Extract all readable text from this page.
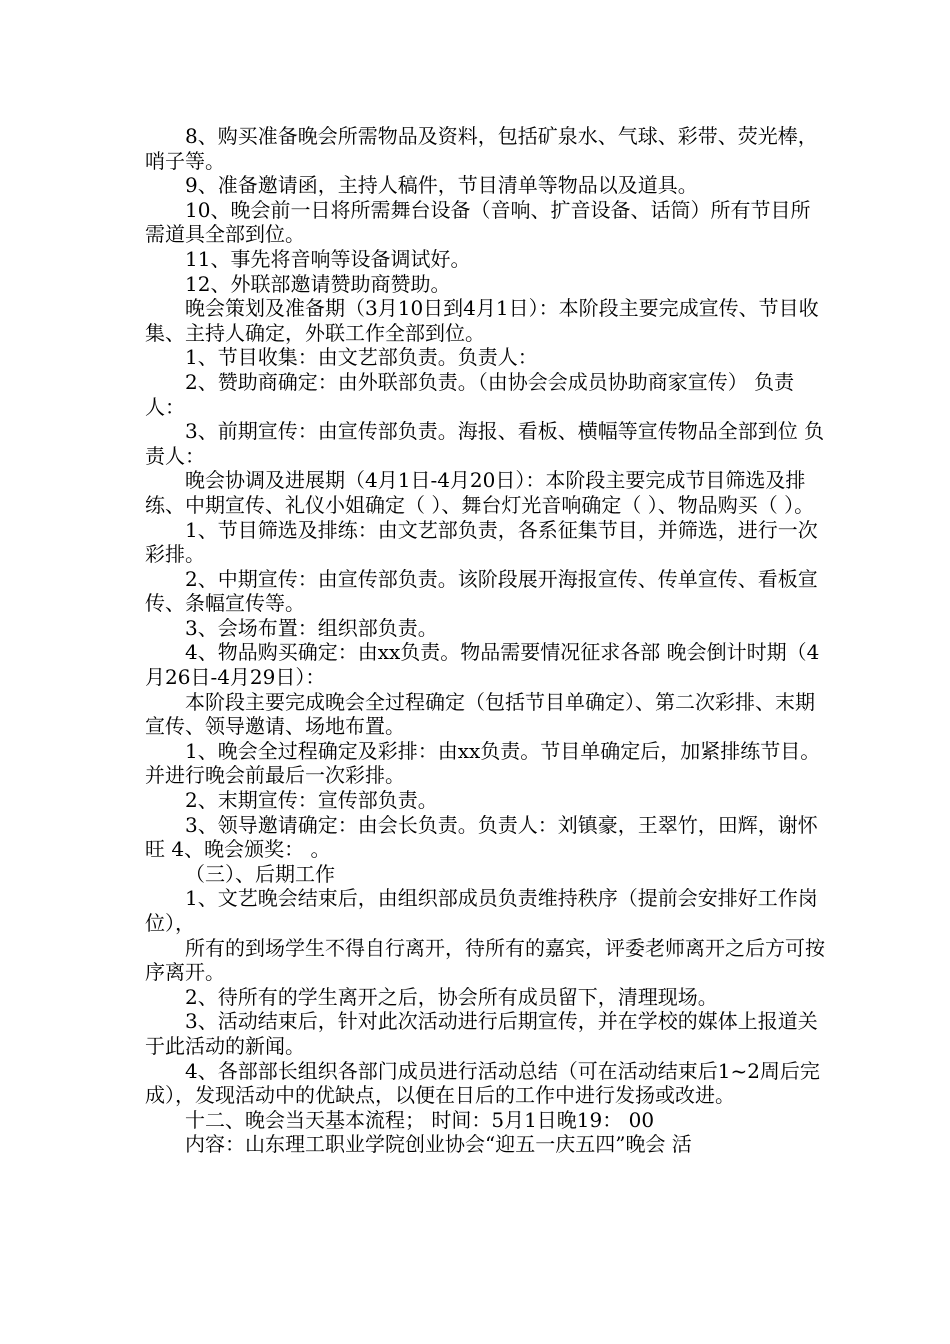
8、购买准备晚会所需物品及资料，包括矿泉水、气球、彩带、荧光棒，哨子等。

9、准备邀请函，主持人稿件，节目清单等物品以及道具。

10、晚会前一日将所需舞台设备（音响、扩音设备、话筒）所有节目所需道具全部到位。

11、事先将音响等设备调试好。

12、外联部邀请赞助商赞助。

晚会策划及准备期（3月10日到4月1日）：本阶段主要完成宣传、节目收集、主持人确定，外联工作全部到位。

1、节目收集：由文艺部负责。负责人：

2、赞助商确定：由外联部负责。（由协会会成员协助商家宣传） 负责人：

3、前期宣传：由宣传部负责。海报、看板、横幅等宣传物品全部到位 负责人：

晚会协调及进展期（4月1日-4月20日）：本阶段主要完成节目筛选及排练、中期宣传、礼仪小姐确定（ ）、舞台灯光音响确定（ ）、物品购买（ ）。

1、节目筛选及排练：由文艺部负责，各系征集节目，并筛选，进行一次彩排。

2、中期宣传：由宣传部负责。该阶段展开海报宣传、传单宣传、看板宣传、条幅宣传等。

3、会场布置：组织部负责。

4、物品购买确定：由xx负责。物品需要情况征求各部 晚会倒计时期（4月26日-4月29日）：

本阶段主要完成晚会全过程确定（包括节目单确定）、第二次彩排、末期宣传、领导邀请、场地布置。

1、晚会全过程确定及彩排：由xx负责。节目单确定后，加紧排练节目。并进行晚会前最后一次彩排。

2、末期宣传：宣传部负责。

3、领导邀请确定：由会长负责。负责人：刘镇豪，王翠竹，田辉，谢怀旺 4、晚会颁奖： 。

（三）、后期工作

1、文艺晚会结束后，由组织部成员负责维持秩序（提前会安排好工作岗位），

所有的到场学生不得自行离开，待所有的嘉宾，评委老师离开之后方可按序离开。

2、待所有的学生离开之后，协会所有成员留下，清理现场。

3、活动结束后，针对此次活动进行后期宣传，并在学校的媒体上报道关于此活动的新闻。

4、各部部长组织各部门成员进行活动总结（可在活动结束后1~2周后完成），发现活动中的优缺点，以便在日后的工作中进行发扬或改进。

十二、晚会当天基本流程； 时间：5月1日晚19： 00

内容：山东理工职业学院创业协会“迎五一庆五四”晚会 活
